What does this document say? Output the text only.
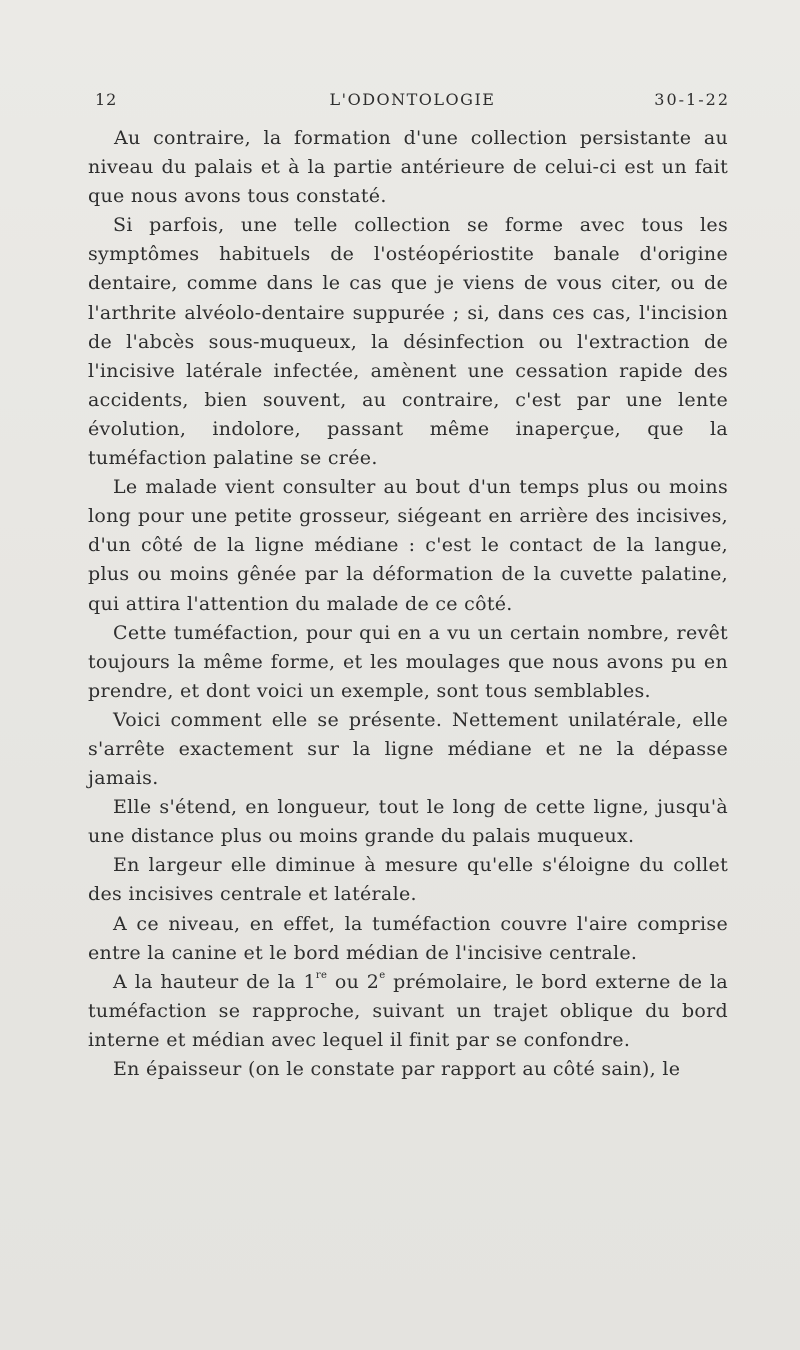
12	L'ODONTOLOGIE	30-1-22

Au contraire, la formation d'une collection persistante au niveau du palais et à la partie antérieure de celui-ci est un fait que nous avons tous constaté.

Si parfois, une telle collection se forme avec tous les symptômes habituels de l'ostéopériostite banale d'origine dentaire, comme dans le cas que je viens de vous citer, ou de l'arthrite alvéolo-dentaire suppurée ; si, dans ces cas, l'incision de l'abcès sous-muqueux, la désinfection ou l'extraction de l'incisive latérale infectée, amènent une cessation rapide des accidents, bien souvent, au contraire, c'est par une lente évolution, indolore, passant même inaperçue, que la tuméfaction palatine se crée.

Le malade vient consulter au bout d'un temps plus ou moins long pour une petite grosseur, siégeant en arrière des incisives, d'un côté de la ligne médiane : c'est le contact de la langue, plus ou moins gênée par la déformation de la cuvette palatine, qui attira l'attention du malade de ce côté.

Cette tuméfaction, pour qui en a vu un certain nombre, revêt toujours la même forme, et les moulages que nous avons pu en prendre, et dont voici un exemple, sont tous semblables.

Voici comment elle se présente. Nettement unilatérale, elle s'arrête exactement sur la ligne médiane et ne la dépasse jamais.

Elle s'étend, en longueur, tout le long de cette ligne, jusqu'à une distance plus ou moins grande du palais muqueux.

En largeur elle diminue à mesure qu'elle s'éloigne du collet des incisives centrale et latérale.

A ce niveau, en effet, la tuméfaction couvre l'aire comprise entre la canine et le bord médian de l'incisive centrale.

A la hauteur de la 1re ou 2e prémolaire, le bord externe de la tuméfaction se rapproche, suivant un trajet oblique du bord interne et médian avec lequel il finit par se confondre.

En épaisseur (on le constate par rapport au côté sain), le
